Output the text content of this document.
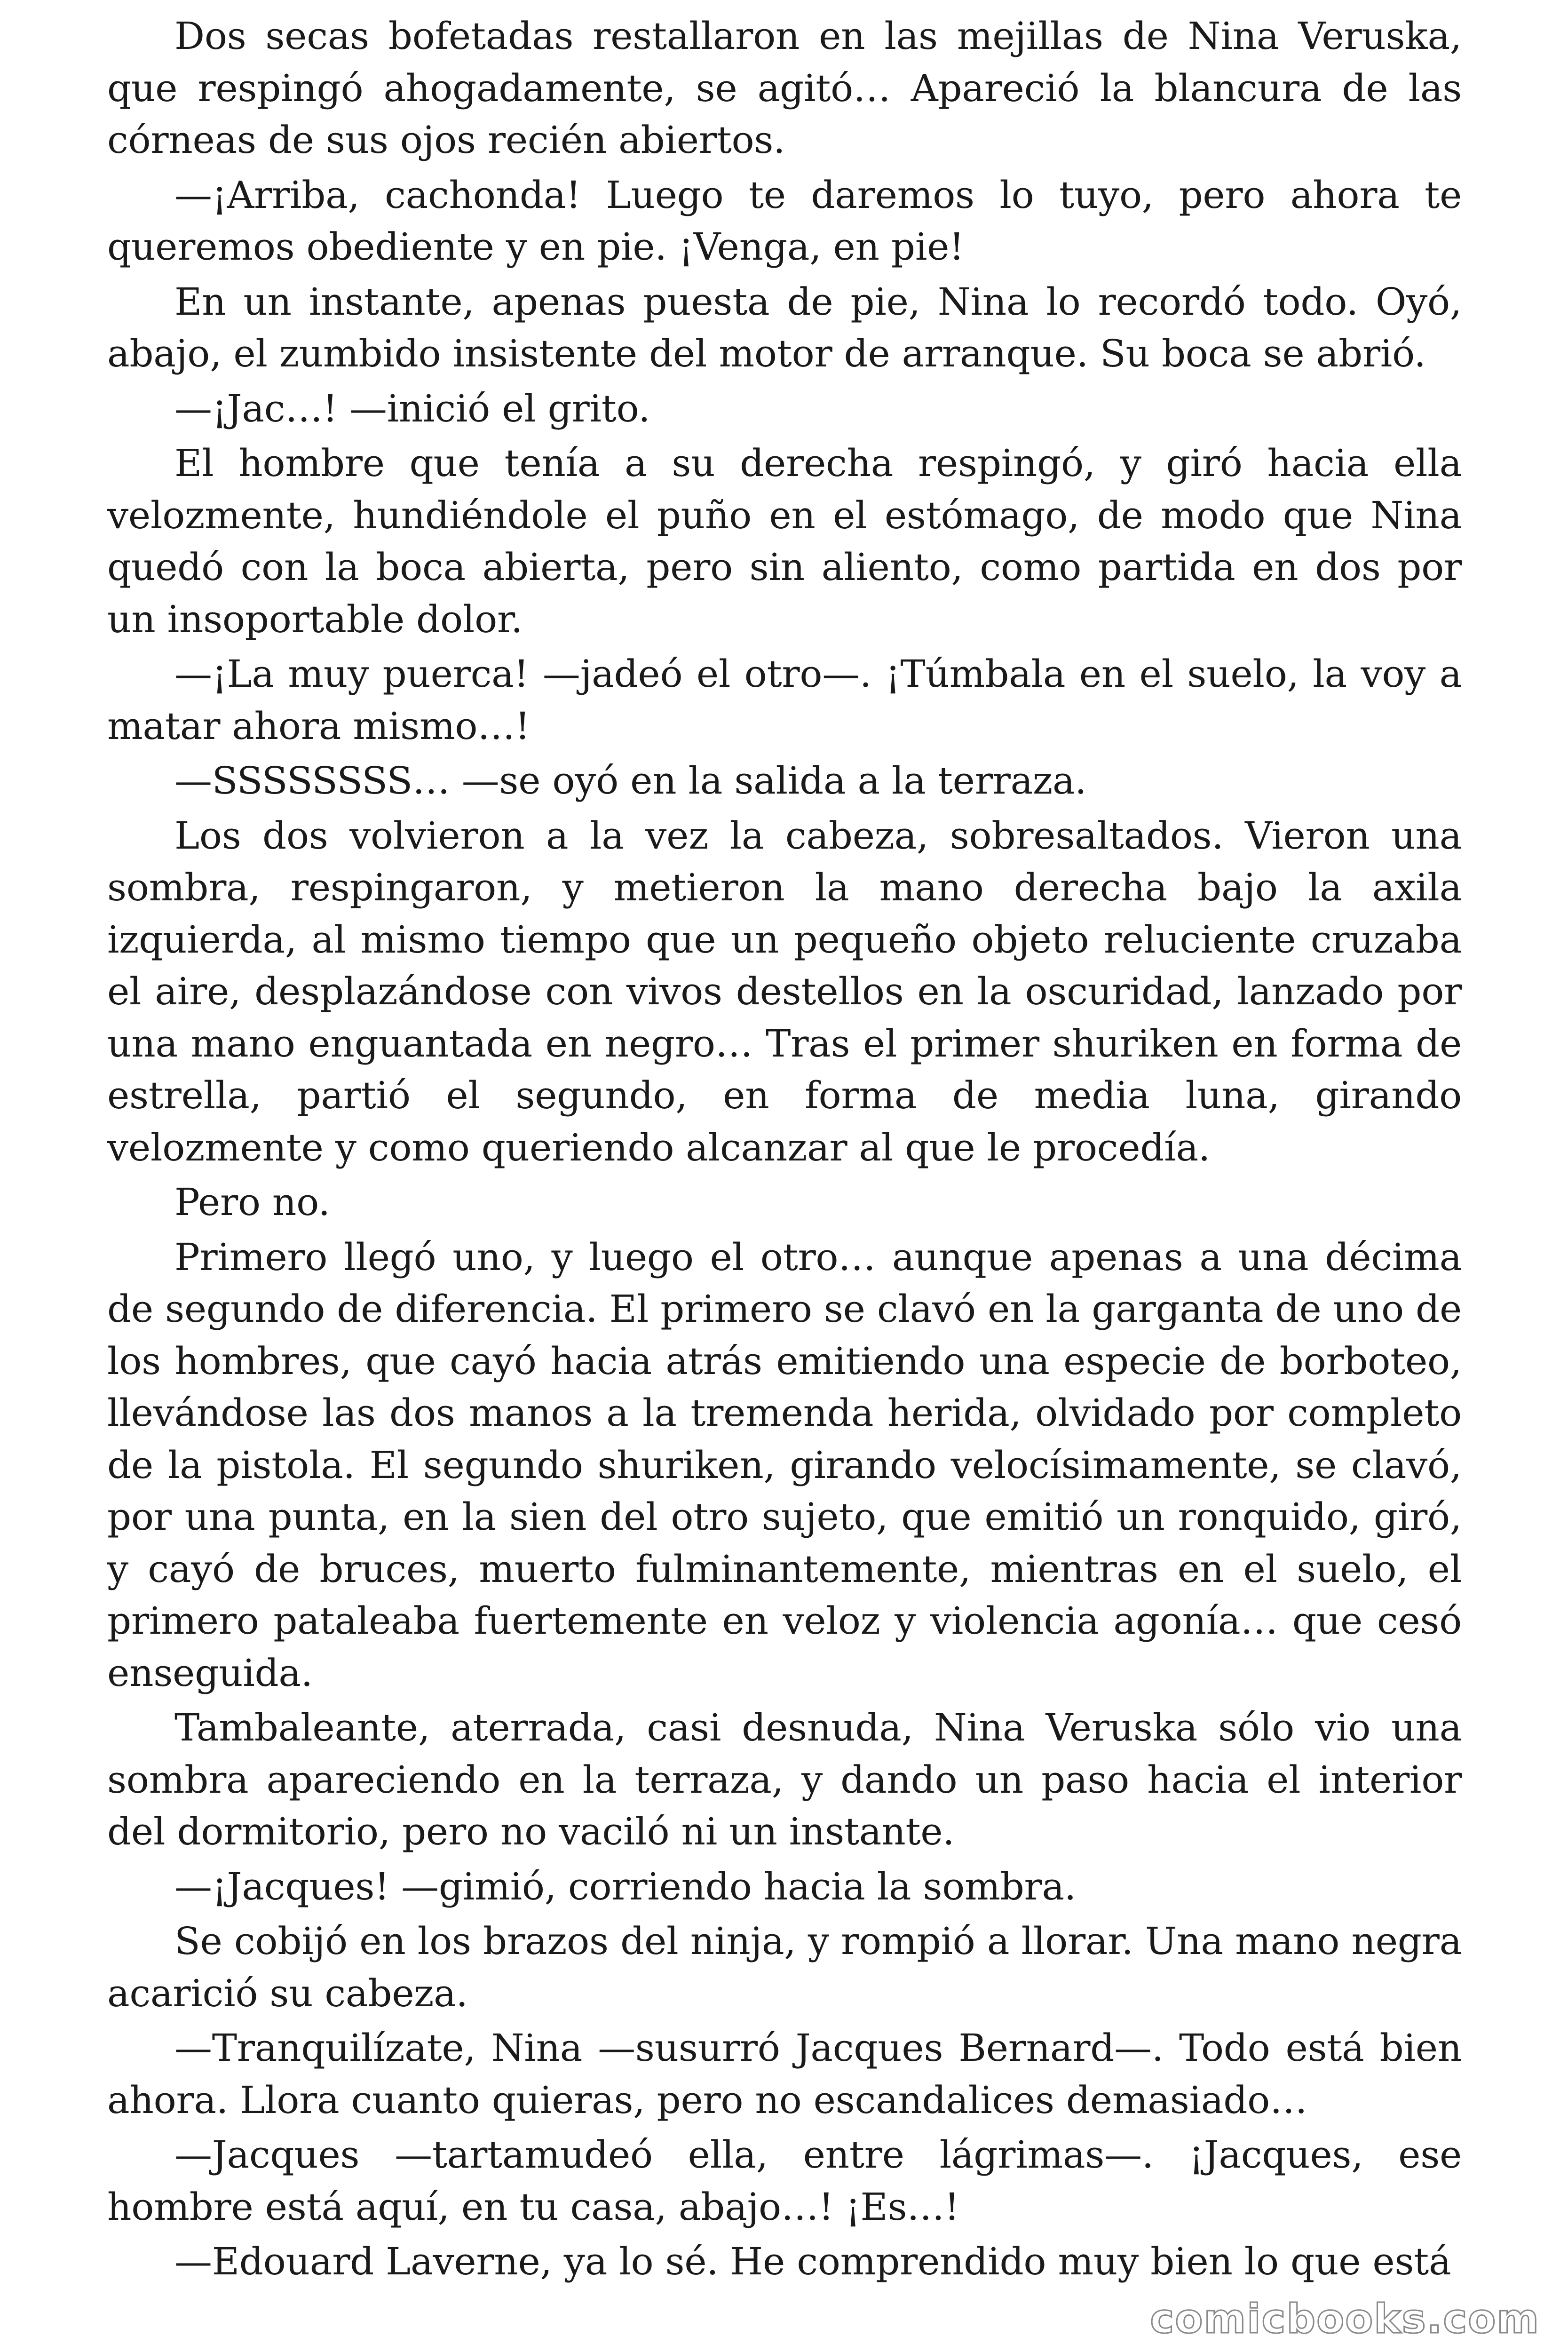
Dos secas bofetadas restallaron en las mejillas de Nina Veruska, que respingó ahogadamente, se agitó… Apareció la blancura de las córneas de sus ojos recién abiertos.

—¡Arriba, cachonda! Luego te daremos lo tuyo, pero ahora te queremos obediente y en pie. ¡Venga, en pie!

En un instante, apenas puesta de pie, Nina lo recordó todo. Oyó, abajo, el zumbido insistente del motor de arranque. Su boca se abrió.

—¡Jac…! —inició el grito.

El hombre que tenía a su derecha respingó, y giró hacia ella velozmente, hundiéndole el puño en el estómago, de modo que Nina quedó con la boca abierta, pero sin aliento, como partida en dos por un insoportable dolor.

—¡La muy puerca! —jadeó el otro—. ¡Túmbala en el suelo, la voy a matar ahora mismo…!

—SSSSSSSS… —se oyó en la salida a la terraza.

Los dos volvieron a la vez la cabeza, sobresaltados. Vieron una sombra, respingaron, y metieron la mano derecha bajo la axila izquierda, al mismo tiempo que un pequeño objeto reluciente cruzaba el aire, desplazándose con vivos destellos en la oscuridad, lanzado por una mano enguantada en negro… Tras el primer shuriken en forma de estrella, partió el segundo, en forma de media luna, girando velozmente y como queriendo alcanzar al que le procedía.

Pero no.

Primero llegó uno, y luego el otro… aunque apenas a una décima de segundo de diferencia. El primero se clavó en la garganta de uno de los hombres, que cayó hacia atrás emitiendo una especie de borboteo, llevándose las dos manos a la tremenda herida, olvidado por completo de la pistola. El segundo shuriken, girando velocísimamente, se clavó, por una punta, en la sien del otro sujeto, que emitió un ronquido, giró, y cayó de bruces, muerto fulminantemente, mientras en el suelo, el primero pataleaba fuertemente en veloz y violencia agonía… que cesó enseguida.

Tambaleante, aterrada, casi desnuda, Nina Veruska sólo vio una sombra apareciendo en la terraza, y dando un paso hacia el interior del dormitorio, pero no vaciló ni un instante.

—¡Jacques! —gimió, corriendo hacia la sombra.

Se cobijó en los brazos del ninja, y rompió a llorar. Una mano negra acarició su cabeza.

—Tranquilízate, Nina —susurró Jacques Bernard—. Todo está bien ahora. Llora cuanto quieras, pero no escandalices demasiado…

—Jacques —tartamudeó ella, entre lágrimas—. ¡Jacques, ese hombre está aquí, en tu casa, abajo…! ¡Es…!

—Edouard Laverne, ya lo sé. He comprendido muy bien lo que está

comicbooks.com
